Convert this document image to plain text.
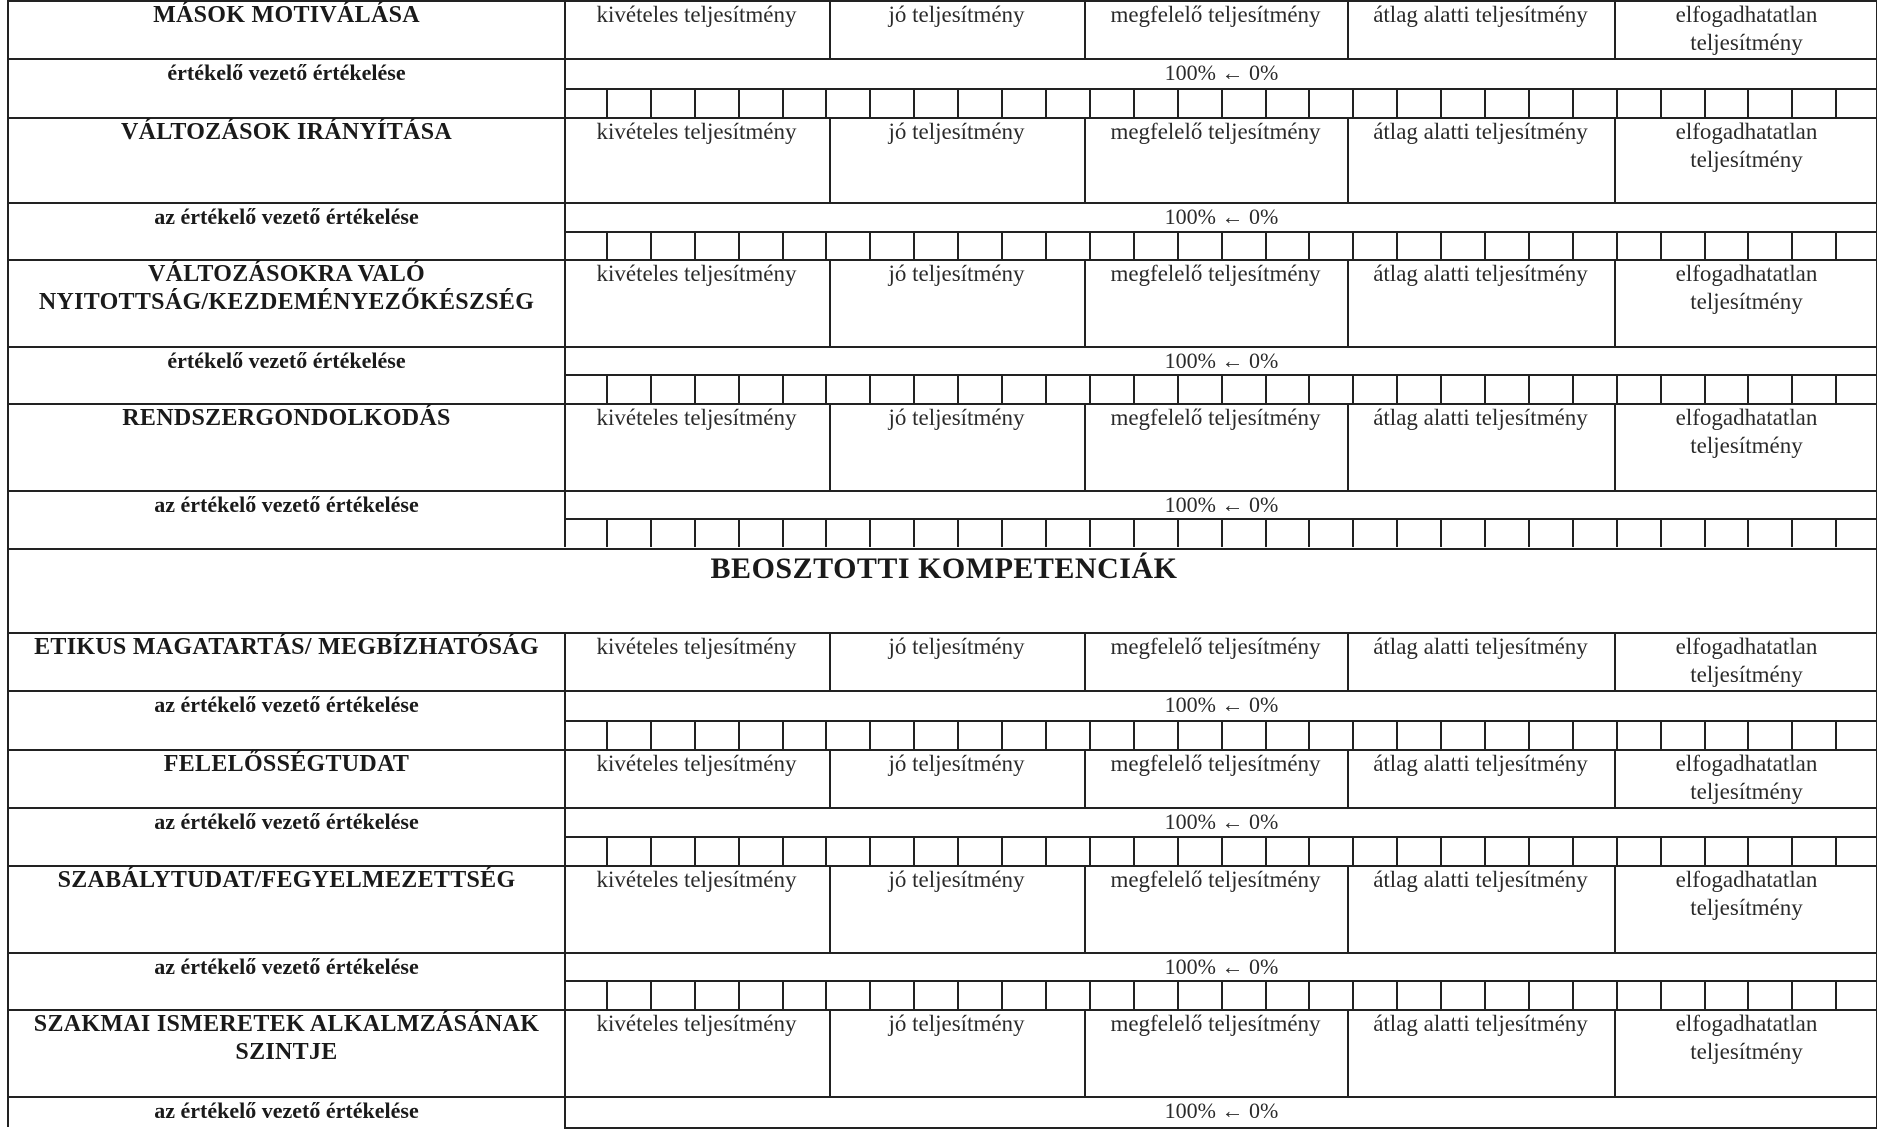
MÁSOK MOTIVÁLÁSA	kivételes teljesítmény	jó teljesítmény	megfelelő teljesítmény	átlag alatti teljesítmény	elfogadhatatlan
teljesítmény
értékelő vezető értékelése	100% ← 0%
VÁLTOZÁSOK IRÁNYÍTÁSA	kivételes teljesítmény	jó teljesítmény	megfelelő teljesítmény	átlag alatti teljesítmény	elfogadhatatlan
teljesítmény
az értékelő vezető értékelése	100% ← 0%
VÁLTOZÁSOKRA VALÓ
NYITOTTSÁG/KEZDEMÉNYEZŐKÉSZSÉG
kivételes teljesítmény	jó teljesítmény	megfelelő teljesítmény	átlag alatti teljesítmény	elfogadhatatlan
teljesítmény
értékelő vezető értékelése	100% ← 0%
RENDSZERGONDOLKODÁS	kivételes teljesítmény	jó teljesítmény	megfelelő teljesítmény	átlag alatti teljesítmény	elfogadhatatlan
teljesítmény
az értékelő vezető értékelése	100% ← 0%
ETIKUS MAGATARTÁS/ MEGBÍZHATÓSÁG	kivételes teljesítmény	jó teljesítmény	megfelelő teljesítmény	átlag alatti teljesítmény	elfogadhatatlan
teljesítmény
az értékelő vezető értékelése	100% ← 0%
FELELŐSSÉGTUDAT	kivételes teljesítmény	jó teljesítmény	megfelelő teljesítmény	átlag alatti teljesítmény	elfogadhatatlan
teljesítmény
az értékelő vezető értékelése	100% ← 0%
SZABÁLYTUDAT/FEGYELMEZETTSÉG	kivételes teljesítmény	jó teljesítmény	megfelelő teljesítmény	átlag alatti teljesítmény	elfogadhatatlan
teljesítmény
az értékelő vezető értékelése	100% ← 0%
SZAKMAI ISMERETEK ALKALMZÁSÁNAK
SZINTJE
kivételes teljesítmény	jó teljesítmény	megfelelő teljesítmény	átlag alatti teljesítmény	elfogadhatatlan
teljesítmény
az értékelő vezető értékelése	100% ← 0%
BEOSZTOTTI KOMPETENCIÁK
